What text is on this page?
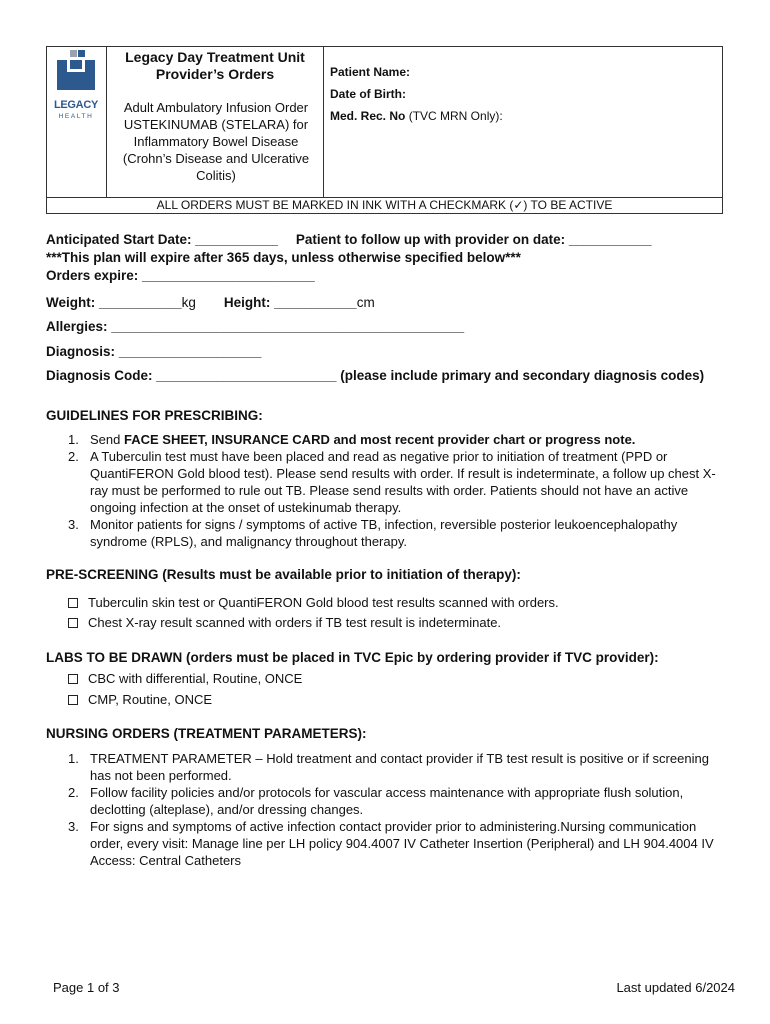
LEGACY
HEALTH
Legacy Day Treatment Unit
Provider’s Orders
Adult Ambulatory Infusion Order
USTEKINUMAB (STELARA) for
Inflammatory Bowel Disease
(Crohn’s Disease and Ulcerative
Colitis)
Patient Name:
Date of Birth:
Med. Rec. No (TVC MRN Only):
ALL ORDERS MUST BE MARKED IN INK WITH A CHECKMARK (✓) TO BE ACTIVE
Anticipated Start Date: ___________ Patient to follow up with provider on date: ___________
***This plan will expire after 365 days, unless otherwise specified below***
Orders expire: _______________________
Weight: ___________kg Height: ___________cm
Allergies: _______________________________________________
Diagnosis: ___________________
Diagnosis Code: ________________________ (please include primary and secondary diagnosis codes)
GUIDELINES FOR PRESCRIBING:
1. Send FACE SHEET, INSURANCE CARD and most recent provider chart or progress note.
2. A Tuberculin test must have been placed and read as negative prior to initiation of treatment (PPD or QuantiFERON Gold blood test). Please send results with order. If result is indeterminate, a follow up chest X-ray must be performed to rule out TB. Please send results with order. Patients should not have an active ongoing infection at the onset of ustekinumab therapy.
3. Monitor patients for signs / symptoms of active TB, infection, reversible posterior leukoencephalopathy syndrome (RPLS), and malignancy throughout therapy.
PRE-SCREENING (Results must be available prior to initiation of therapy):
Tuberculin skin test or QuantiFERON Gold blood test results scanned with orders.
Chest X-ray result scanned with orders if TB test result is indeterminate.
LABS TO BE DRAWN (orders must be placed in TVC Epic by ordering provider if TVC provider):
CBC with differential, Routine, ONCE
CMP, Routine, ONCE
NURSING ORDERS (TREATMENT PARAMETERS):
1. TREATMENT PARAMETER – Hold treatment and contact provider if TB test result is positive or if screening has not been performed.
2. Follow facility policies and/or protocols for vascular access maintenance with appropriate flush solution, declotting (alteplase), and/or dressing changes.
3. For signs and symptoms of active infection contact provider prior to administering.Nursing communication order, every visit: Manage line per LH policy 904.4007 IV Catheter Insertion (Peripheral) and LH 904.4004 IV Access: Central Catheters
Page 1 of 3	Last updated 6/2024
